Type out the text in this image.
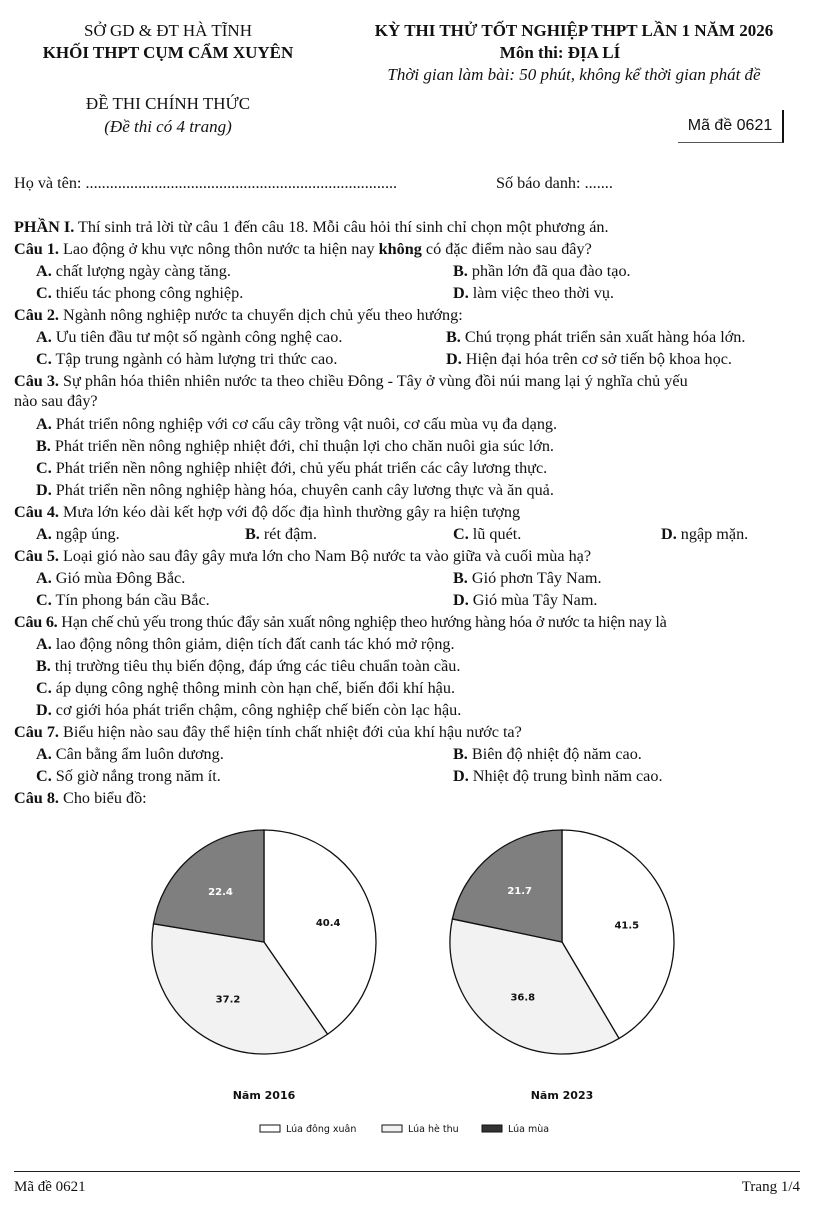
SỞ GD & ĐT HÀ TĨNH
KHỐI THPT CỤM CẨM XUYÊN
ĐỀ THI CHÍNH THỨC
(Đề thi có 4 trang)
KỲ THI THỬ TỐT NGHIỆP THPT LẦN 1 NĂM 2026
Môn thi: ĐỊA LÍ
Thời gian làm bài: 50 phút, không kể thời gian phát đề
Mã đề 0621
Họ và tên: .............................................................................	Số báo danh: .......
PHẦN I. Thí sinh trả lời từ câu 1 đến câu 18. Mỗi câu hỏi thí sinh chỉ chọn một phương án.
Câu 1. Lao động ở khu vực nông thôn nước ta hiện nay không có đặc điểm nào sau đây?
A. chất lượng ngày càng tăng.	B. phần lớn đã qua đào tạo.
C. thiếu tác phong công nghiệp.	D. làm việc theo thời vụ.
Câu 2. Ngành nông nghiệp nước ta chuyển dịch chủ yếu theo hướng:
A. Ưu tiên đầu tư một số ngành công nghệ cao.	B. Chú trọng phát triển sản xuất hàng hóa lớn.
C. Tập trung ngành có hàm lượng tri thức cao.	D. Hiện đại hóa trên cơ sở tiến bộ khoa học.
Câu 3. Sự phân hóa thiên nhiên nước ta theo chiều Đông - Tây ở vùng đồi núi mang lại ý nghĩa chủ yếu
nào sau đây?
A. Phát triển nông nghiệp với cơ cấu cây trồng vật nuôi, cơ cấu mùa vụ đa dạng.
B. Phát triển nền nông nghiệp nhiệt đới, chỉ thuận lợi cho chăn nuôi gia súc lớn.
C. Phát triển nền nông nghiệp nhiệt đới, chủ yếu phát triển các cây lương thực.
D. Phát triển nền nông nghiệp hàng hóa, chuyên canh cây lương thực và ăn quả.
Câu 4. Mưa lớn kéo dài kết hợp với độ dốc địa hình thường gây ra hiện tượng
A. ngập úng.	B. rét đậm.	C. lũ quét.	D. ngập mặn.
Câu 5. Loại gió nào sau đây gây mưa lớn cho Nam Bộ nước ta vào giữa và cuối mùa hạ?
A. Gió mùa Đông Bắc.	B. Gió phơn Tây Nam.
C. Tín phong bán cầu Bắc.	D. Gió mùa Tây Nam.
Câu 6. Hạn chế chủ yếu trong thúc đẩy sản xuất nông nghiệp theo hướng hàng hóa ở nước ta hiện nay là
A. lao động nông thôn giảm, diện tích đất canh tác khó mở rộng.
B. thị trường tiêu thụ biến động, đáp ứng các tiêu chuẩn toàn cầu.
C. áp dụng công nghệ thông minh còn hạn chế, biến đổi khí hậu.
D. cơ giới hóa phát triển chậm, công nghiệp chế biến còn lạc hậu.
Câu 7. Biểu hiện nào sau đây thể hiện tính chất nhiệt đới của khí hậu nước ta?
A. Cân bằng ẩm luôn dương.	B. Biên độ nhiệt độ năm cao.
C. Số giờ nắng trong năm ít.	D. Nhiệt độ trung bình năm cao.
Câu 8. Cho biểu đồ:
40.4
37.2
22.4
Năm 2016
41.5
36.8
21.7
Năm 2023
Lúa đông xuân	Lúa hè thu	Lúa mùa
Mã đề 0621	Trang 1/4
